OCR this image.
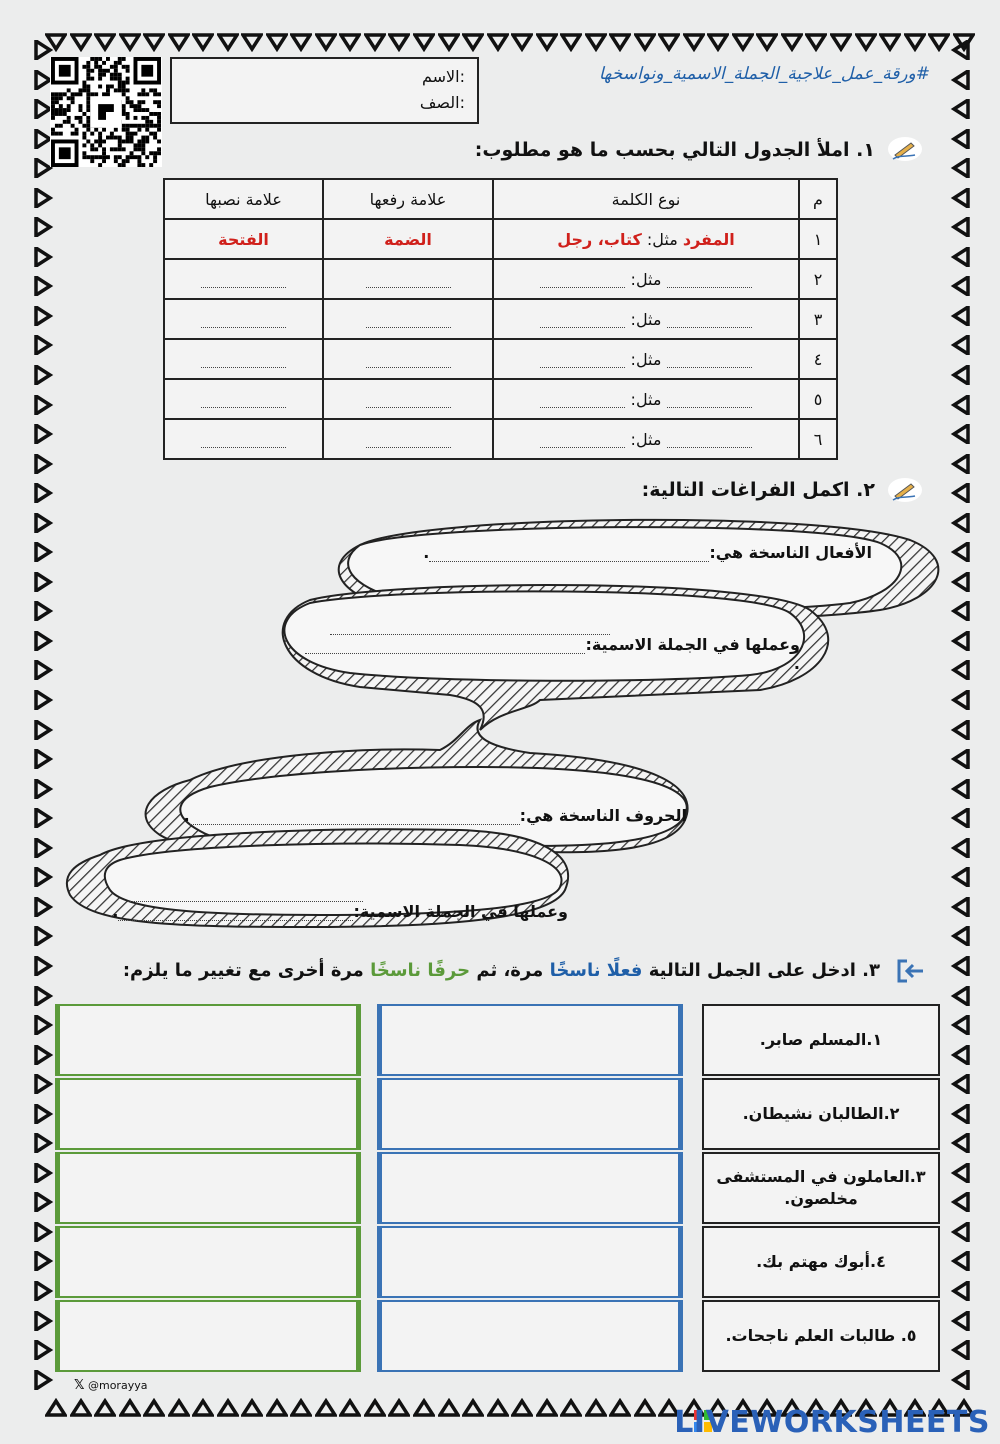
الاسم:
الصف:
#ورقة_عمل_علاجية_الجملة_الاسمية_ونواسخها
١. املأ الجدول التالي بحسب ما هو مطلوب:
م	نوع الكلمة	علامة رفعها	علامة نصبها
١	المفرد مثل: كتاب، رجل	الضمة	الفتحة
٢	مثل:		
٣	مثل:		
٤	مثل:		
٥	مثل:		
٦	مثل:		
٢. اكمل الفراغات التالية:
الأفعال الناسخة هي:.
وعملها في الجملة الاسمية:.
الحروف الناسخة هي:.
وعملها في الجملة الاسمية:.
٣. ادخل على الجمل التالية فعلًا ناسخًا مرة، ثم حرفًا ناسخًا مرة أخرى مع تغيير ما يلزم:
١.المسلم صابر.
٢.الطالبان نشيطان.
٣.العاملون في المستشفى مخلصون.
٤.أبوك مهتم بك.
٥. طالبات العلم ناجحات.
𝕏 @morayya
LIVEWORKSHEETS
